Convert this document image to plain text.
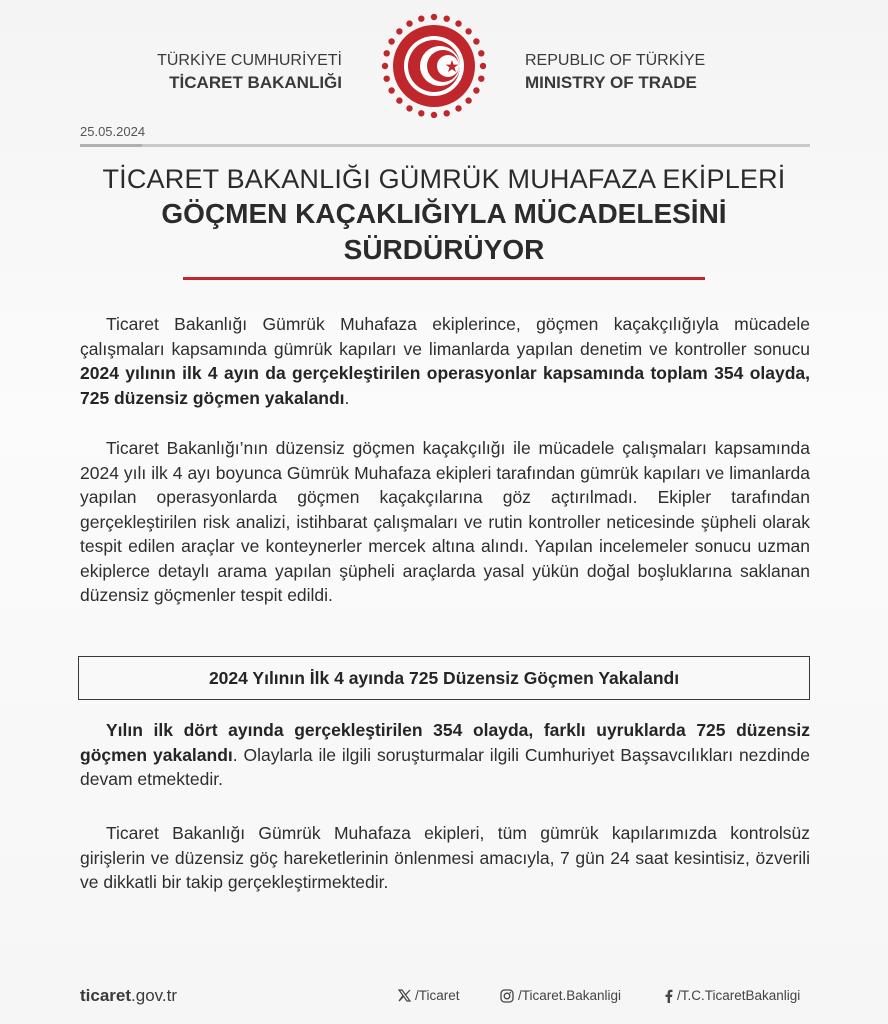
TÜRKİYE CUMHURİYETİ
TİCARET BAKANLIĞI
REPUBLIC OF TÜRKİYE
MINISTRY OF TRADE
25.05.2024
TİCARET BAKANLIĞI GÜMRÜK MUHAFAZA EKİPLERİ
GÖÇMEN KAÇAKLIĞIYLA MÜCADELESİNİ
SÜRDÜRÜYOR
Ticaret Bakanlığı Gümrük Muhafaza ekiplerince, göçmen kaçakçılığıyla mücadele çalışmaları kapsamında gümrük kapıları ve limanlarda yapılan denetim ve kontroller sonucu 2024 yılının ilk 4 ayın da gerçekleştirilen operasyonlar kapsamında toplam 354 olayda, 725 düzensiz göçmen yakalandı.
Ticaret Bakanlığı’nın düzensiz göçmen kaçakçılığı ile mücadele çalışmaları kapsamında 2024 yılı ilk 4 ayı boyunca Gümrük Muhafaza ekipleri tarafından gümrük kapıları ve limanlarda yapılan operasyonlarda göçmen kaçakçılarına göz açtırılmadı. Ekipler tarafından gerçekleştirilen risk analizi, istihbarat çalışmaları ve rutin kontroller neticesinde şüpheli olarak tespit edilen araçlar ve konteynerler mercek altına alındı. Yapılan incelemeler sonucu uzman ekiplerce detaylı arama yapılan şüpheli araçlarda yasal yükün doğal boşluklarına saklanan düzensiz göçmenler tespit edildi.
2024 Yılının İlk 4 ayında 725 Düzensiz Göçmen Yakalandı
Yılın ilk dört ayında gerçekleştirilen 354 olayda, farklı uyruklarda 725 düzensiz göçmen yakalandı. Olaylarla ile ilgili soruşturmalar ilgili Cumhuriyet Başsavcılıkları nezdinde devam etmektedir.
Ticaret Bakanlığı Gümrük Muhafaza ekipleri, tüm gümrük kapılarımızda kontrolsüz girişlerin ve düzensiz göç hareketlerinin önlenmesi amacıyla, 7 gün 24 saat kesintisiz, özverili ve dikkatli bir takip gerçekleştirmektedir.
ticaret.gov.tr	/Ticaret	/Ticaret.Bakanligi	/T.C.TicaretBakanligi
